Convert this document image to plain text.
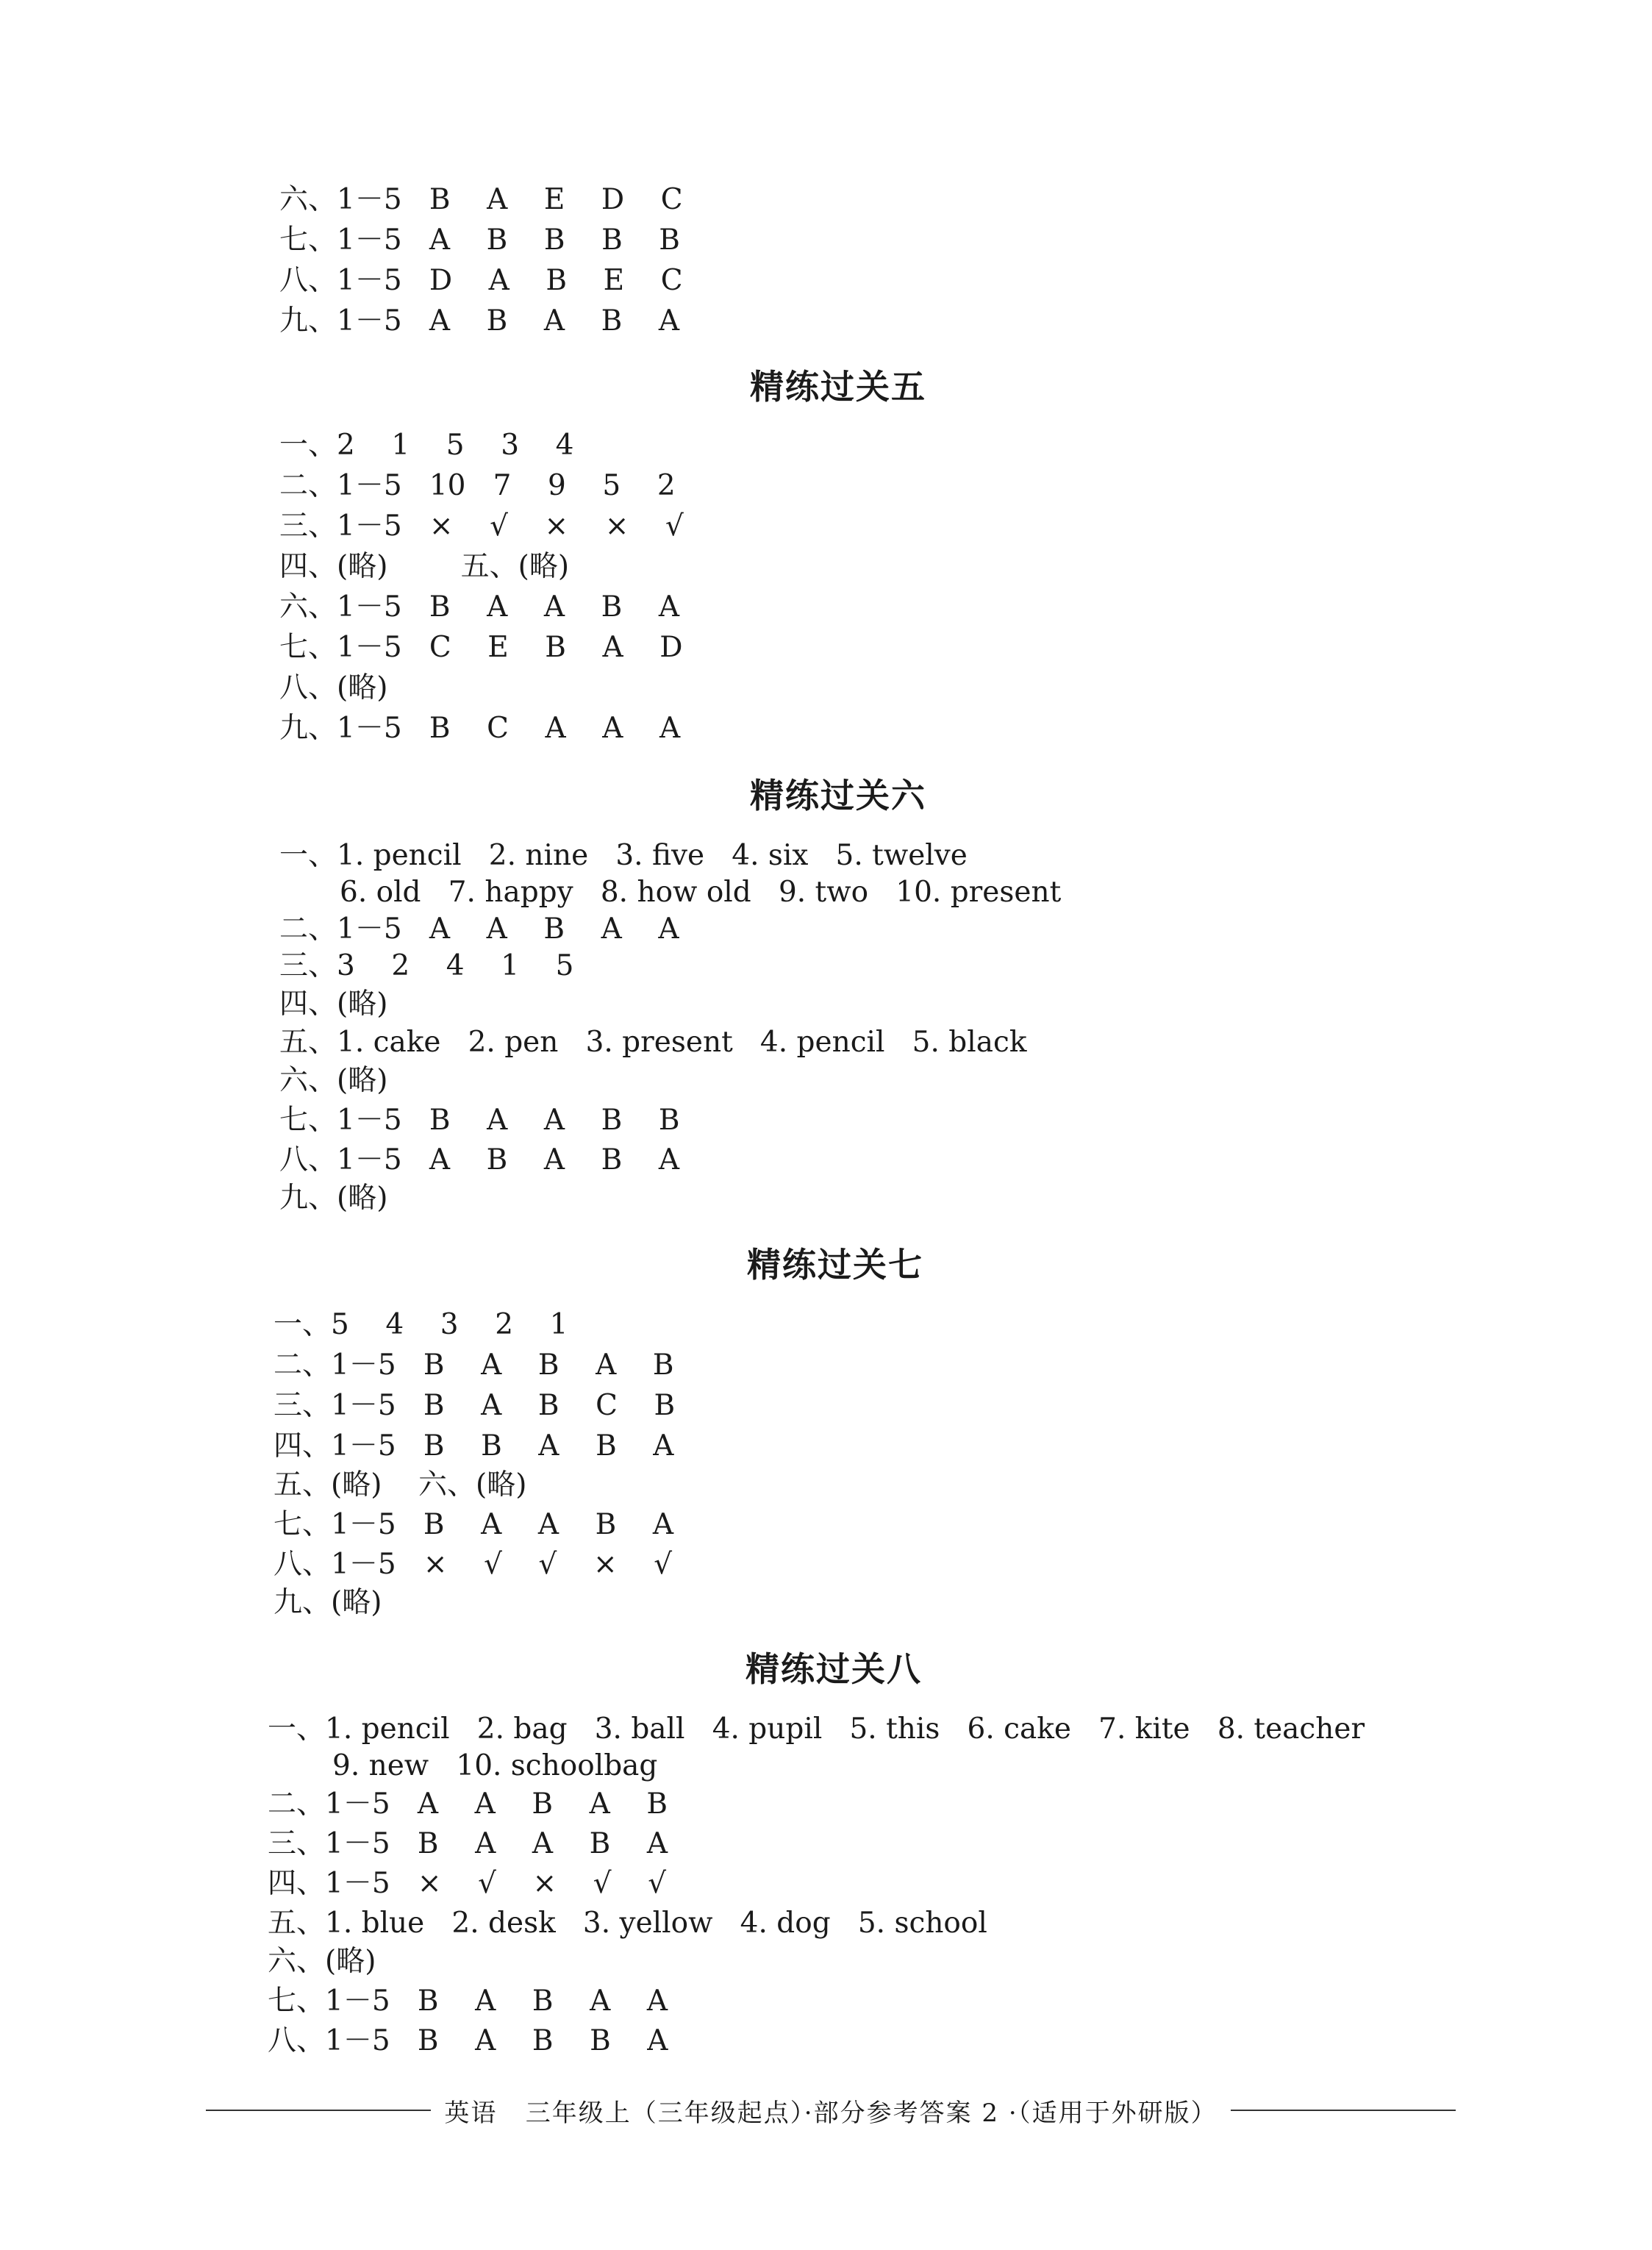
六、1－5   B    A    E    D    C
七、1－5   A    B    B    B    B
八、1－5   D    A    B    E    C
九、1－5   A    B    A    B    A
精练过关五
一、2    1    5    3    4
二、1－5   10   7    9    5    2
三、1－5   ×    √    ×    ×    √
四、(略)        五、(略)
六、1－5   B    A    A    B    A
七、1－5   C    E    B    A    D
八、(略)
九、1－5   B    C    A    A    A
精练过关六
一、1. pencil   2. nine   3. five   4. six   5. twelve
6. old   7. happy   8. how old   9. two   10. present
二、1－5   A    A    B    A    A
三、3    2    4    1    5
四、(略)
五、1. cake   2. pen   3. present   4. pencil   5. black
六、(略)
七、1－5   B    A    A    B    B
八、1－5   A    B    A    B    A
九、(略)
精练过关七
一、5    4    3    2    1
二、1－5   B    A    B    A    B
三、1－5   B    A    B    C    B
四、1－5   B    B    A    B    A
五、(略)    六、(略)
七、1－5   B    A    A    B    A
八、1－5   ×    √    √    ×    √
九、(略)
精练过关八
一、1. pencil   2. bag   3. ball   4. pupil   5. this   6. cake   7. kite   8. teacher
9. new   10. schoolbag
二、1－5   A    A    B    A    B
三、1－5   B    A    A    B    A
四、1－5   ×    √    ×    √    √
五、1. blue   2. desk   3. yellow   4. dog   5. school
六、(略)
七、1－5   B    A    B    A    A
八、1－5   B    A    B    B    A
英语   三年级上（三年级起点）·部分参考答案 2 ·（适用于外研版）
